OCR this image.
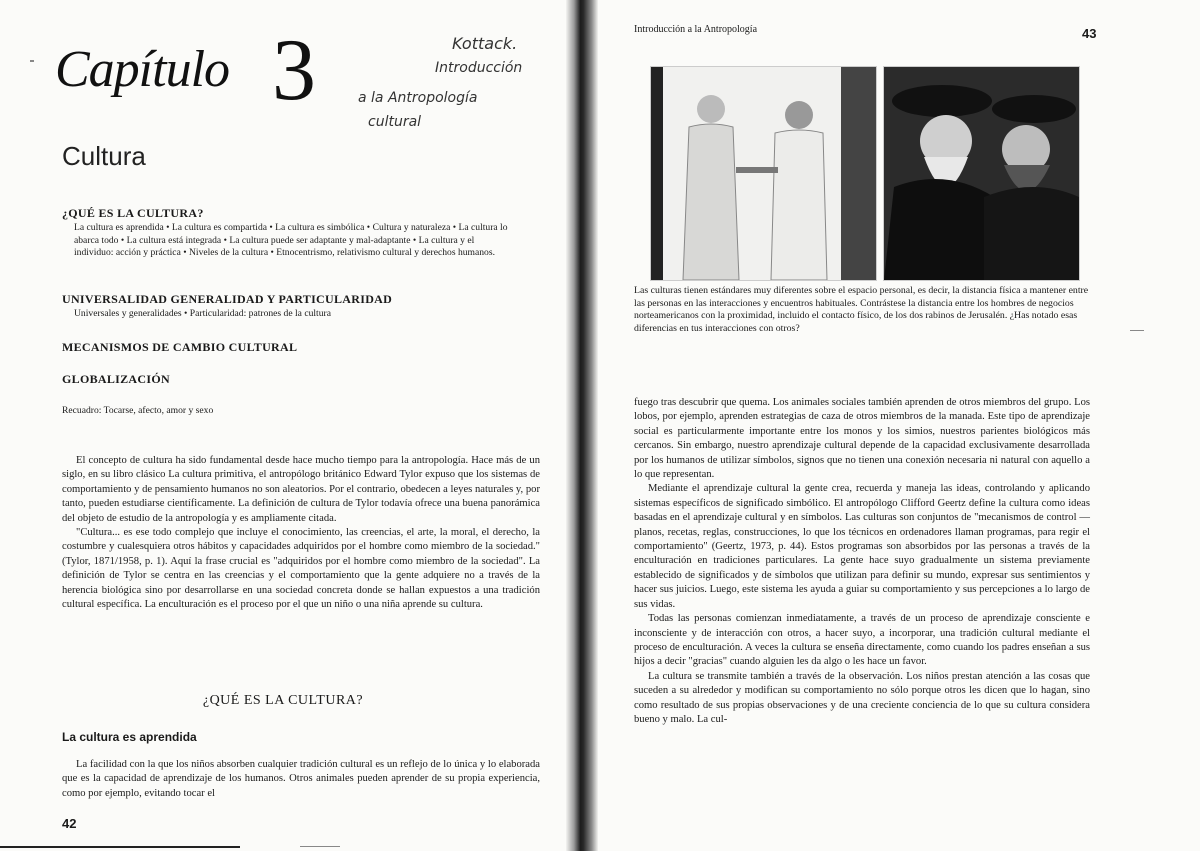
Capítulo 3	Kottack.
Introducción
a la Antropología
cultural
Cultura

¿QUÉ ES LA CULTURA?

La cultura es aprendida • La cultura es compartida • La cultura es simbólica • Cultura y naturaleza • La cultura lo abarca todo • La cultura está integrada • La cultura puede ser adaptante y mal-adaptante • La cultura y el individuo: acción y práctica • Niveles de la cultura • Etnocentrismo, relativismo cultural y derechos humanos.

UNIVERSALIDAD GENERALIDAD Y PARTICULARIDAD

Universales y generalidades • Particularidad: patrones de la cultura

MECANISMOS DE CAMBIO CULTURAL

GLOBALIZACIÓN

Recuadro: Tocarse, afecto, amor y sexo

El concepto de cultura ha sido fundamental desde hace mucho tiempo para la antropología. Hace más de un siglo, en su libro clásico La cultura primitiva, el antropólogo británico Edward Tylor expuso que los sistemas de comportamiento y de pensamiento humanos no son aleatorios. Por el contrario, obedecen a leyes naturales y, por tanto, pueden estudiarse científicamente. La definición de cultura de Tylor todavía ofrece una buena panorámica del objeto de estudio de la antropología y es ampliamente citada.
"Cultura... es ese todo complejo que incluye el conocimiento, las creencias, el arte, la moral, el derecho, la costumbre y cualesquiera otros hábitos y capacidades adquiridos por el hombre como miembro de la sociedad." (Tylor, 1871/1958, p. 1). Aquí la frase crucial es "adquiridos por el hombre como miembro de la sociedad". La definición de Tylor se centra en las creencias y el comportamiento que la gente adquiere no a través de la herencia biológica sino por desarrollarse en una sociedad concreta donde se hallan expuestos a una tradición cultural específica. La enculturación es el proceso por el que un niño o una niña aprende su cultura.

¿QUÉ ES LA CULTURA?
La cultura es aprendida

La facilidad con la que los niños absorben cualquier tradición cultural es un reflejo de lo única y lo elaborada que es la capacidad de aprendizaje de los humanos. Otros animales pueden aprender de su propia experiencia, como por ejemplo, evitando tocar el

42

Introducción a la Antropología	43

Las culturas tienen estándares muy diferentes sobre el espacio personal, es decir, la distancia física a mantener entre las personas en las interacciones y encuentros habituales. Contrástese la distancia entre los hombres de negocios norteamericanos con la proximidad, incluido el contacto físico, de los dos rabinos de Jerusalén. ¿Has notado esas diferencias en tus interacciones con otros?

fuego tras descubrir que quema. Los animales sociales también aprenden de otros miembros del grupo. Los lobos, por ejemplo, aprenden estrategias de caza de otros miembros de la manada. Este tipo de aprendizaje social es particularmente importante entre los monos y los simios, nuestros parientes biológicos más cercanos. Sin embargo, nuestro aprendizaje cultural depende de la capacidad exclusivamente desarrollada por los humanos de utilizar símbolos, signos que no tienen una conexión necesaria ni natural con aquello a lo que representan.
Mediante el aprendizaje cultural la gente crea, recuerda y maneja las ideas, controlando y aplicando sistemas específicos de significado simbólico. El antropólogo Clifford Geertz define la cultura como ideas basadas en el aprendizaje cultural y en símbolos. Las culturas son conjuntos de "mecanismos de control —planos, recetas, reglas, construcciones, lo que los técnicos en ordenadores llaman programas, para regir el comportamiento" (Geertz, 1973, p. 44). Estos programas son absorbidos por las personas a través de la enculturación en tradiciones particulares. La gente hace suyo gradualmente un sistema previamente establecido de significados y de símbolos que utilizan para definir su mundo, expresar sus sentimientos y hacer sus juicios. Luego, este sistema les ayuda a guiar su comportamiento y sus percepciones a lo largo de sus vidas.
Todas las personas comienzan inmediatamente, a través de un proceso de aprendizaje consciente e inconsciente y de interacción con otros, a hacer suyo, a incorporar, una tradición cultural mediante el proceso de enculturación. A veces la cultura se enseña directamente, como cuando los padres enseñan a sus hijos a decir "gracias" cuando alguien les da algo o les hace un favor.
La cultura se transmite también a través de la observación. Los niños prestan atención a las cosas que suceden a su alrededor y modifican su comportamiento no sólo porque otros les dicen que lo hagan, sino como resultado de sus propias observaciones y de una creciente conciencia de lo que su cultura considera bueno y malo. La cul-
